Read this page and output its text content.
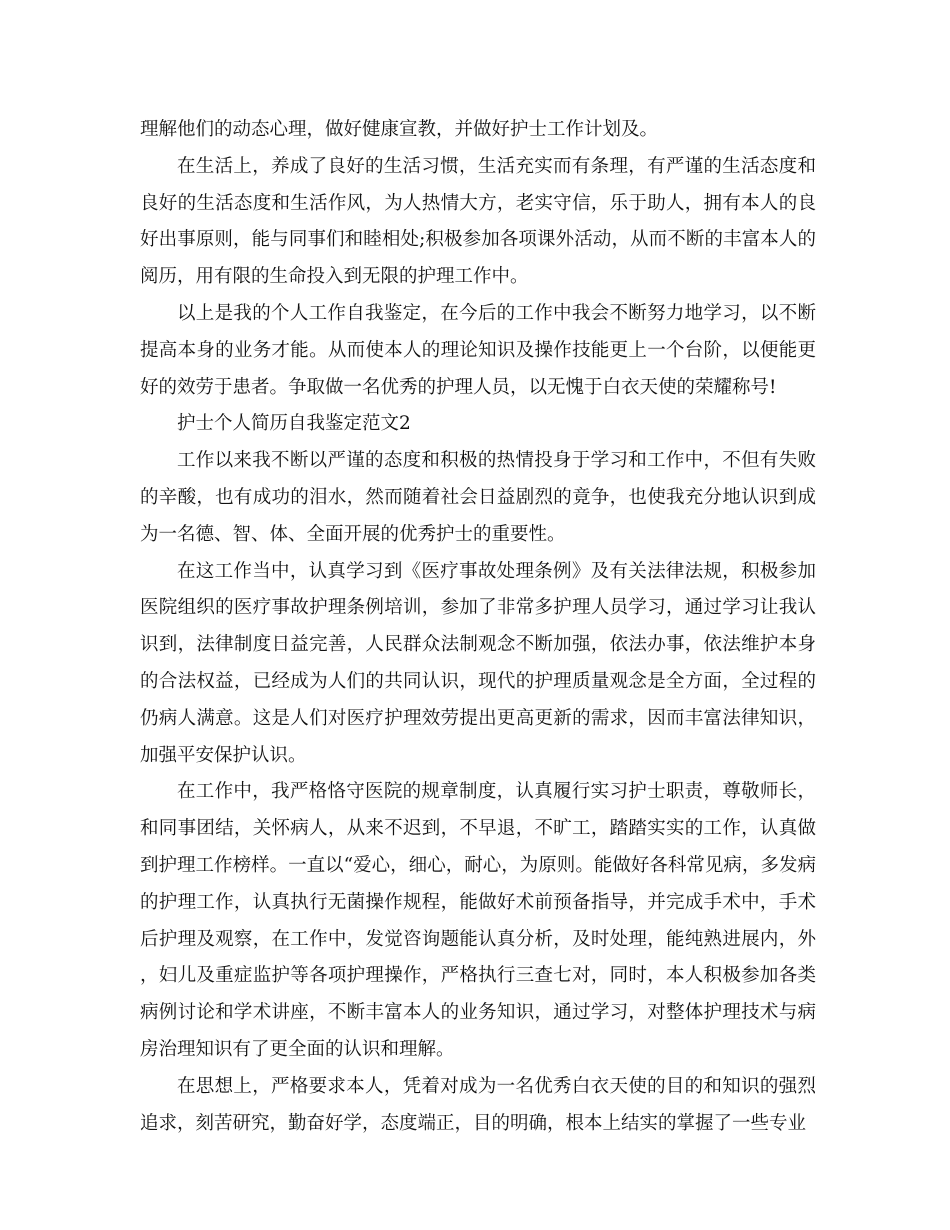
理解他们的动态心理，做好健康宣教，并做好护士工作计划及。

在生活上，养成了良好的生活习惯，生活充实而有条理，有严谨的生活态度和良好的生活态度和生活作风，为人热情大方，老实守信，乐于助人，拥有本人的良好出事原则，能与同事们和睦相处;积极参加各项课外活动，从而不断的丰富本人的阅历，用有限的生命投入到无限的护理工作中。

以上是我的个人工作自我鉴定，在今后的工作中我会不断努力地学习，以不断提高本身的业务才能。从而使本人的理论知识及操作技能更上一个台阶，以便能更好的效劳于患者。争取做一名优秀的护理人员，以无愧于白衣天使的荣耀称号!

护士个人简历自我鉴定范文2

工作以来我不断以严谨的态度和积极的热情投身于学习和工作中，不但有失败的辛酸，也有成功的泪水，然而随着社会日益剧烈的竟争，也使我充分地认识到成为一名德、智、体、全面开展的优秀护士的重要性。

在这工作当中，认真学习到《医疗事故处理条例》及有关法律法规，积极参加医院组织的医疗事故护理条例培训，参加了非常多护理人员学习，通过学习让我认识到，法律制度日益完善，人民群众法制观念不断加强，依法办事，依法维护本身的合法权益，已经成为人们的共同认识，现代的护理质量观念是全方面，全过程的仍病人满意。这是人们对医疗护理效劳提出更高更新的需求，因而丰富法律知识，加强平安保护认识。

在工作中，我严格恪守医院的规章制度，认真履行实习护士职责，尊敬师长，和同事团结，关怀病人，从来不迟到，不早退，不旷工，踏踏实实的工作，认真做到护理工作榜样。一直以“爱心，细心，耐心，为原则。能做好各科常见病，多发病的护理工作，认真执行无菌操作规程，能做好术前预备指导，并完成手术中，手术后护理及观察，在工作中，发觉咨询题能认真分析，及时处理，能纯熟进展内，外，妇儿及重症监护等各项护理操作，严格执行三查七对，同时，本人积极参加各类病例讨论和学术讲座，不断丰富本人的业务知识，通过学习，对整体护理技术与病房治理知识有了更全面的认识和理解。

在思想上，严格要求本人，凭着对成为一名优秀白衣天使的目的和知识的强烈追求，刻苦研究，勤奋好学，态度端正，目的明确，根本上结实的掌握了一些专业
